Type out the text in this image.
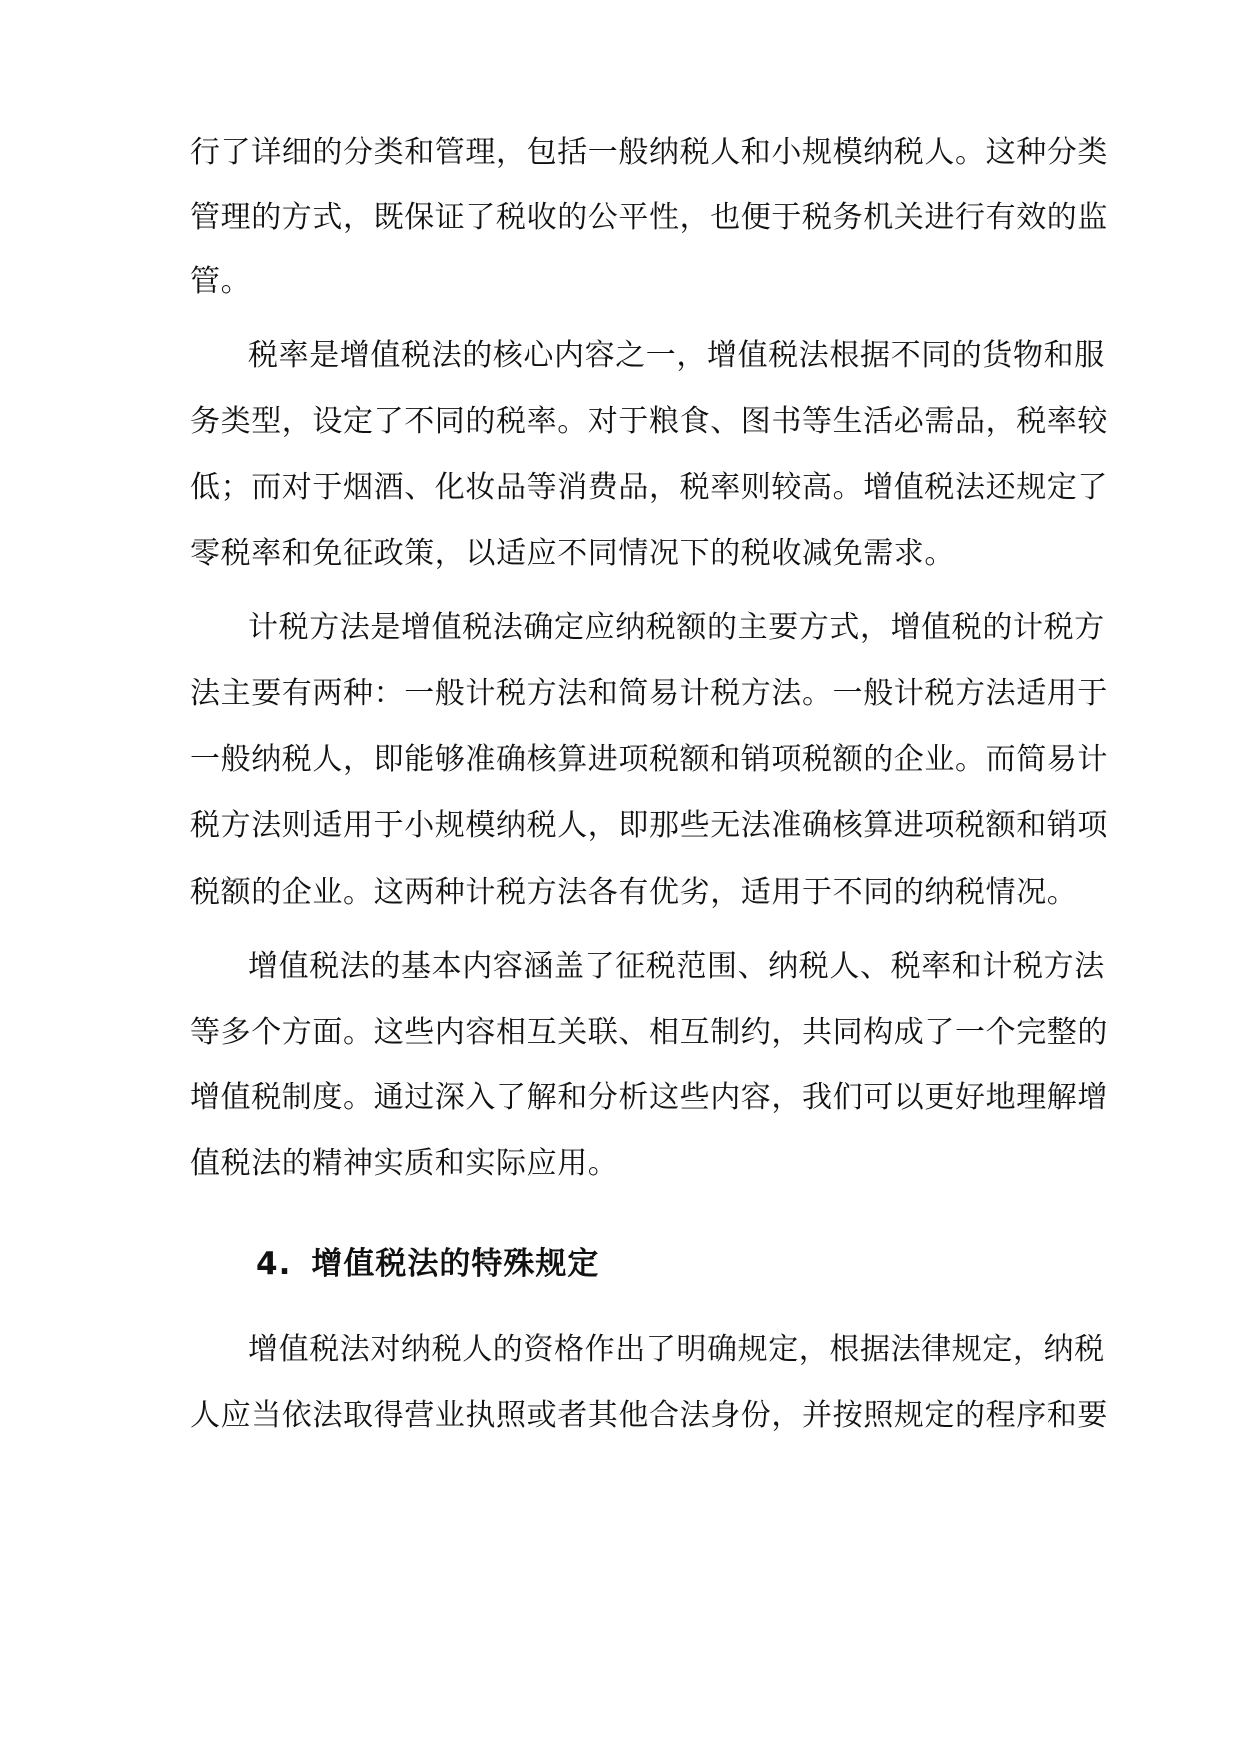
行了详细的分类和管理，包括一般纳税人和小规模纳税人。这种分类
管理的方式，既保证了税收的公平性，也便于税务机关进行有效的监
管。
税率是增值税法的核心内容之一，增值税法根据不同的货物和服
务类型，设定了不同的税率。对于粮食、图书等生活必需品，税率较
低；而对于烟酒、化妆品等消费品，税率则较高。增值税法还规定了
零税率和免征政策，以适应不同情况下的税收减免需求。
计税方法是增值税法确定应纳税额的主要方式，增值税的计税方
法主要有两种：一般计税方法和简易计税方法。一般计税方法适用于
一般纳税人，即能够准确核算进项税额和销项税额的企业。而简易计
税方法则适用于小规模纳税人，即那些无法准确核算进项税额和销项
税额的企业。这两种计税方法各有优劣，适用于不同的纳税情况。
增值税法的基本内容涵盖了征税范围、纳税人、税率和计税方法
等多个方面。这些内容相互关联、相互制约，共同构成了一个完整的
增值税制度。通过深入了解和分析这些内容，我们可以更好地理解增
值税法的精神实质和实际应用。
4. 增值税法的特殊规定
增值税法对纳税人的资格作出了明确规定，根据法律规定，纳税
人应当依法取得营业执照或者其他合法身份，并按照规定的程序和要
